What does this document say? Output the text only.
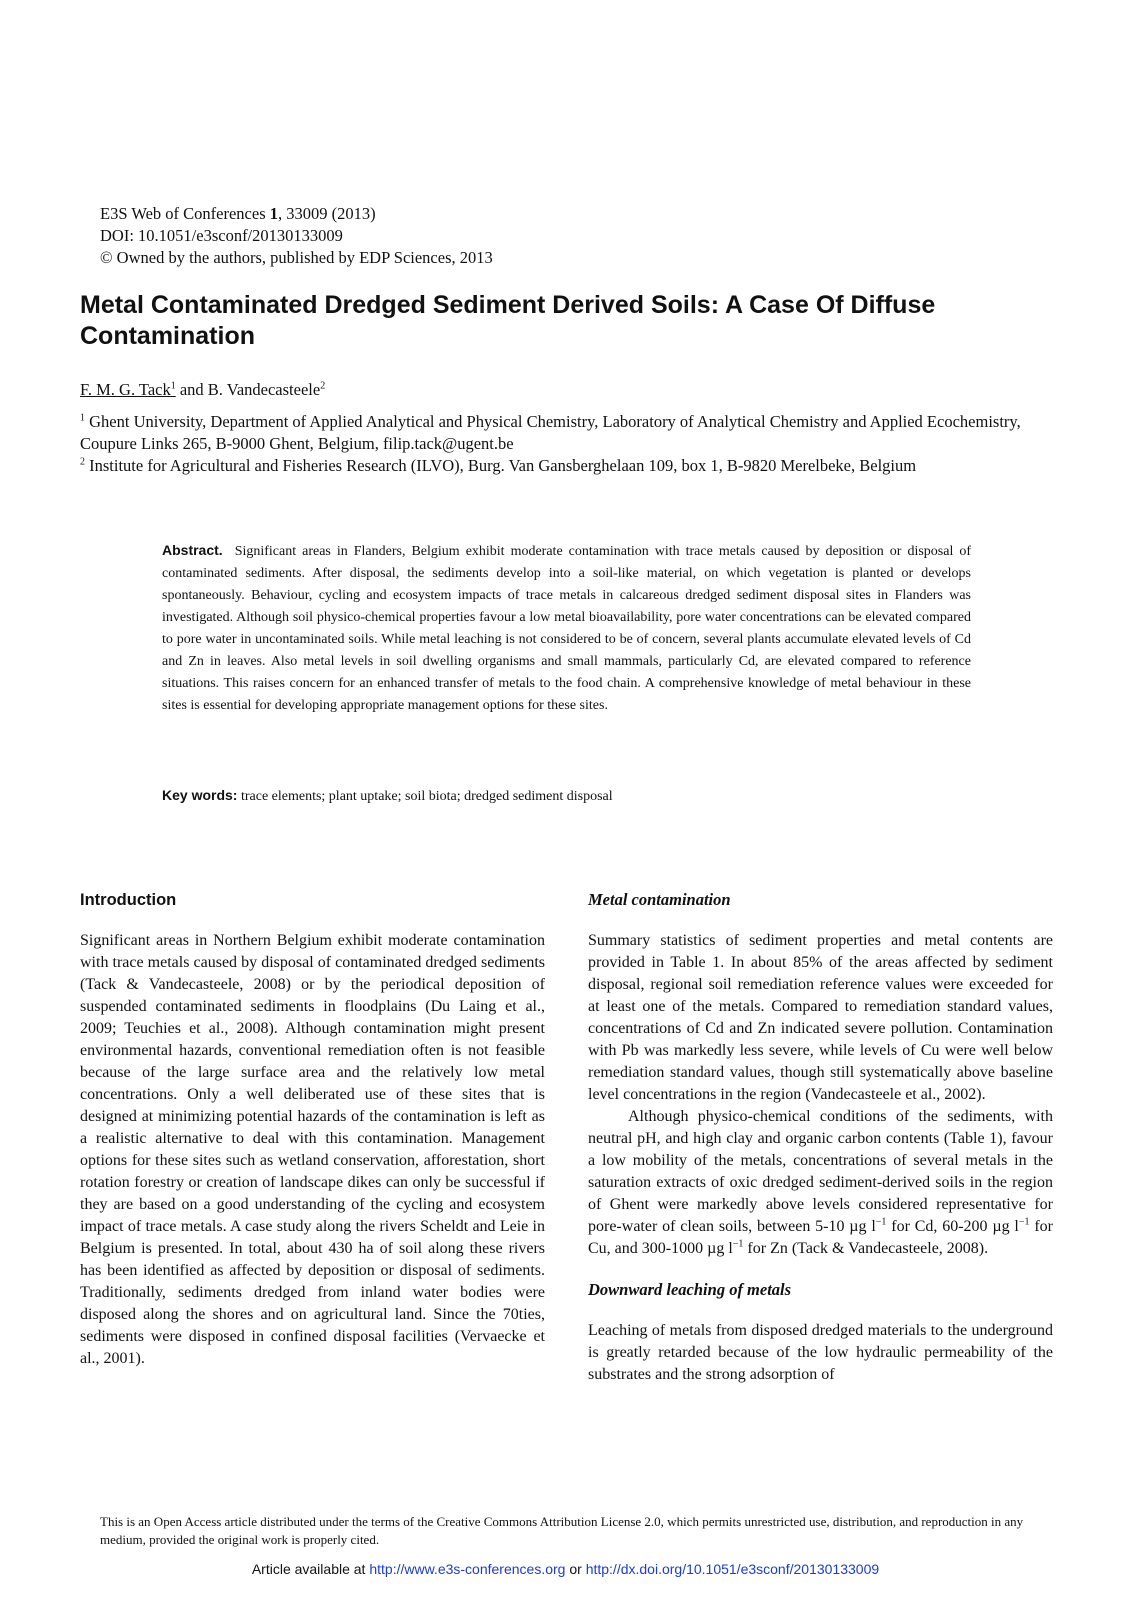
E3S Web of Conferences 1, 33009 (2013)
DOI: 10.1051/e3sconf/20130133009
© Owned by the authors, published by EDP Sciences, 2013
Metal Contaminated Dredged Sediment Derived Soils: A Case Of Diffuse Contamination
F. M. G. Tack$^1$ and B. Vandecasteele$^2$

$^1$ Ghent University, Department of Applied Analytical and Physical Chemistry, Laboratory of Analytical Chemistry and Applied Ecochemistry, Coupure Links 265, B-9000 Ghent, Belgium, filip.tack@ugent.be

$^2$ Institute for Agricultural and Fisheries Research (ILVO), Burg. Van Gansberghelaan 109, box 1, B-9820 Merelbeke, Belgium

Abstract. Significant areas in Flanders, Belgium exhibit moderate contamination with trace metals caused by deposition or disposal of contaminated sediments. After disposal, the sediments develop into a soil-like material, on which vegetation is planted or develops spontaneously. Behaviour, cycling and ecosystem impacts of trace metals in calcareous dredged sediment disposal sites in Flanders was investigated. Although soil physico-chemical properties favour a low metal bioavailability, pore water concentrations can be elevated compared to pore water in uncontaminated soils. While metal leaching is not considered to be of concern, several plants accumulate elevated levels of Cd and Zn in leaves. Also metal levels in soil dwelling organisms and small mammals, particularly Cd, are elevated compared to reference situations. This raises concern for an enhanced transfer of metals to the food chain. A comprehensive knowledge of metal behaviour in these sites is essential for developing appropriate management options for these sites.

Key words: trace elements; plant uptake; soil biota; dredged sediment disposal

Introduction

Significant areas in Northern Belgium exhibit moderate contamination with trace metals caused by disposal of contaminated dredged sediments (Tack & Vandecasteele, 2008) or by the periodical deposition of suspended contaminated sediments in floodplains (Du Laing et al., 2009; Teuchies et al., 2008). Although contamination might present environmental hazards, conventional remediation often is not feasible because of the large surface area and the relatively low metal concentrations. Only a well deliberated use of these sites that is designed at minimizing potential hazards of the contamination is left as a realistic alternative to deal with this contamination. Management options for these sites such as wetland conservation, afforestation, short rotation forestry or creation of landscape dikes can only be successful if they are based on a good understanding of the cycling and ecosystem impact of trace metals. A case study along the rivers Scheldt and Leie in Belgium is presented. In total, about 430 ha of soil along these rivers has been identified as affected by deposition or disposal of sediments. Traditionally, sediments dredged from inland water bodies were disposed along the shores and on agricultural land. Since the 70ties, sediments were disposed in confined disposal facilities (Vervaecke et al., 2001).

Metal contamination

Summary statistics of sediment properties and metal contents are provided in Table 1. In about 85% of the areas affected by sediment disposal, regional soil remediation reference values were exceeded for at least one of the metals. Compared to remediation standard values, concentrations of Cd and Zn indicated severe pollution. Contamination with Pb was markedly less severe, while levels of Cu were well below remediation standard values, though still systematically above baseline level concentrations in the region (Vandecasteele et al., 2002).

Although physico-chemical conditions of the sediments, with neutral pH, and high clay and organic carbon contents (Table 1), favour a low mobility of the metals, concentrations of several metals in the saturation extracts of oxic dredged sediment-derived soils in the region of Ghent were markedly above levels considered representative for pore-water of clean soils, between 5-10 µg $l^{-1}$ for Cd, 60-200 µg $l^{-1}$ for Cu, and 300-1000 µg $l^{-1}$ for Zn (Tack & Vandecasteele, 2008).

Downward leaching of metals

Leaching of metals from disposed dredged materials to the underground is greatly retarded because of the low hydraulic permeability of the substrates and the strong adsorption of

This is an Open Access article distributed under the terms of the Creative Commons Attribution License 2.0, which permits unrestricted use, distribution, and reproduction in any medium, provided the original work is properly cited.

Article available at http://www.e3s-conferences.org or http://dx.doi.org/10.1051/e3sconf/20130133009
